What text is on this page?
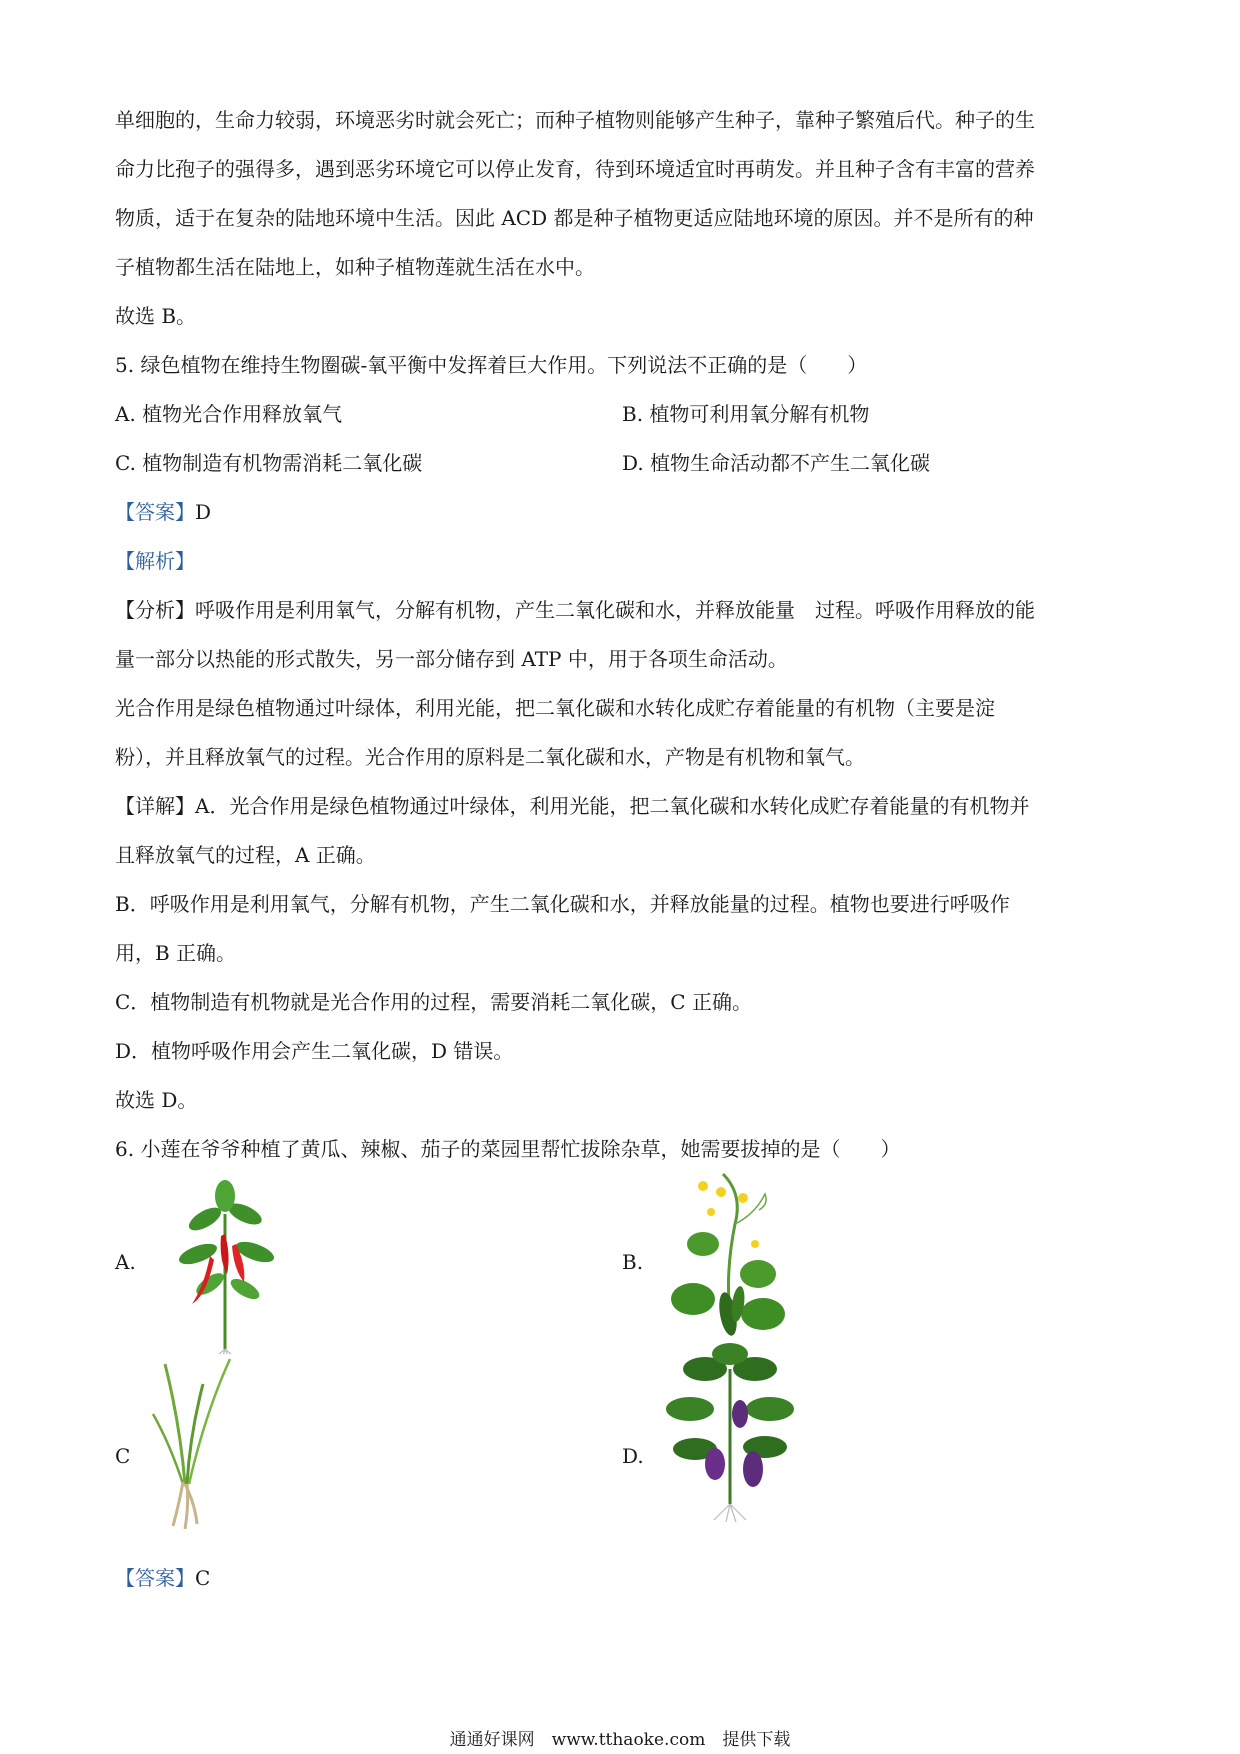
单细胞的，生命力较弱，环境恶劣时就会死亡；而种子植物则能够产生种子，靠种子繁殖后代。种子的生

命力比孢子的强得多，遇到恶劣环境它可以停止发育，待到环境适宜时再萌发。并且种子含有丰富的营养

物质，适于在复杂的陆地环境中生活。因此 ACD 都是种子植物更适应陆地环境的原因。并不是所有的种

子植物都生活在陆地上，如种子植物莲就生活在水中。

故选 B。

5. 绿色植物在维持生物圈碳-氧平衡中发挥着巨大作用。下列说法不正确的是（　　）

A. 植物光合作用释放氧气	B. 植物可利用氧分解有机物

C. 植物制造有机物需消耗二氧化碳	D. 植物生命活动都不产生二氧化碳

【答案】D

【解析】

【分析】呼吸作用是利用氧气，分解有机物，产生二氧化碳和水，并释放能量　过程。呼吸作用释放的能

量一部分以热能的形式散失，另一部分储存到 ATP 中，用于各项生命活动。

光合作用是绿色植物通过叶绿体，利用光能，把二氧化碳和水转化成贮存着能量的有机物（主要是淀

粉），并且释放氧气的过程。光合作用的原料是二氧化碳和水，产物是有机物和氧气。

【详解】A．光合作用是绿色植物通过叶绿体，利用光能，把二氧化碳和水转化成贮存着能量的有机物并

且释放氧气的过程，A 正确。

B．呼吸作用是利用氧气，分解有机物，产生二氧化碳和水，并释放能量的过程。植物也要进行呼吸作

用，B 正确。

C．植物制造有机物就是光合作用的过程，需要消耗二氧化碳，C 正确。

D．植物呼吸作用会产生二氧化碳，D 错误。

故选 D。

6. 小莲在爷爷种植了黄瓜、辣椒、茄子的菜园里帮忙拔除杂草，她需要拔掉的是（　　）

A.	B.
C	D.

【答案】C

通通好课网　www.tthaoke.com　提供下载
